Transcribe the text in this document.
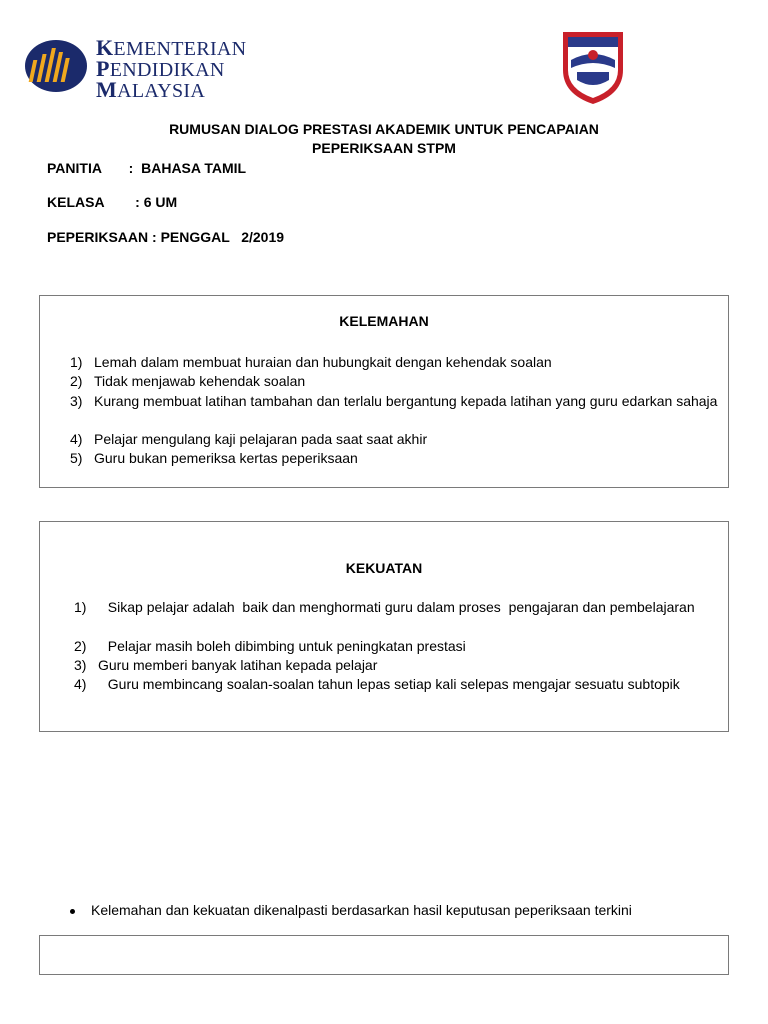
KEMENTERIAN
PENDIDIKAN
MALAYSIA
RUMUSAN DIALOG PRESTASI AKADEMIK UNTUK PENCAPAIAN
PEPERIKSAAN STPM
PANITIA       :  BAHASA TAMIL
KELASA        : 6 UM
PEPERIKSAAN : PENGGAL   2/2019
KELEMAHAN
1) Lemah dalam membuat huraian dan hubungkait dengan kehendak soalan
2) Tidak menjawab kehendak soalan
3) Kurang membuat latihan tambahan dan terlalu bergantung kepada latihan yang guru edarkan sahaja
4) Pelajar mengulang kaji pelajaran pada saat saat akhir
5) Guru bukan pemeriksa kertas peperiksaan
KEKUATAN
1) Sikap pelajar adalah  baik dan menghormati guru dalam proses  pengajaran dan pembelajaran
2) Pelajar masih boleh dibimbing untuk peningkatan prestasi
3) Guru memberi banyak latihan kepada pelajar
4) Guru membincang soalan-soalan tahun lepas setiap kali selepas mengajar sesuatu subtopik
Kelemahan dan kekuatan dikenalpasti berdasarkan hasil keputusan peperiksaan terkini
